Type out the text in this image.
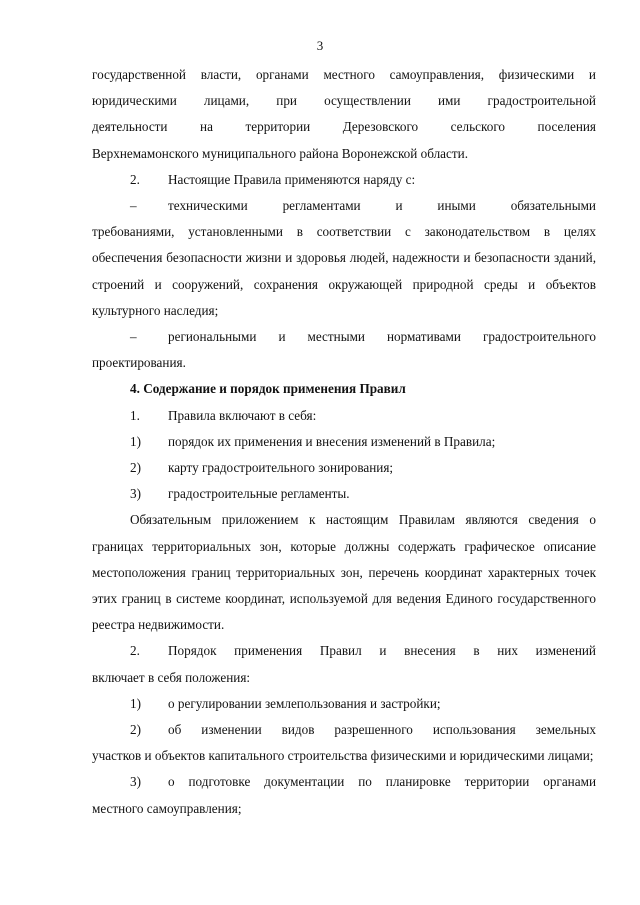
3

государственной власти, органами местного самоуправления, физическими и

юридическими лицами, при осуществлении ими градостроительной

деятельности на территории Дерезовского сельского поселения

Верхнемамонского муниципального района Воронежской области.

2.	Настоящие Правила применяются наряду с:
–	техническими регламентами и иными обязательными

требованиями, установленными в соответствии с законодательством в целях обеспечения безопасности жизни и здоровья людей, надежности и безопасности зданий, строений и сооружений, сохранения окружающей природной среды и объектов культурного наследия;

–	региональными и местными нормативами градостроительного

проектирования.

4. Содержание и порядок применения Правил

1.	Правила включают в себя:
1)	порядок их применения и внесения изменений в Правила;
2)	карту градостроительного зонирования;
3)	градостроительные регламенты.

Обязательным приложением к настоящим Правилам являются сведения о границах территориальных зон, которые должны содержать графическое описание местоположения границ территориальных зон, перечень координат характерных точек этих границ в системе координат, используемой для ведения Единого государственного реестра недвижимости.

2.	Порядок применения Правил и внесения в них изменений

включает в себя положения:

1)	о регулировании землепользования и застройки;
2)	об изменении видов разрешенного использования земельных

участков и объектов капитального строительства физическими и юридическими лицами;

3)	о подготовке документации по планировке территории органами

местного самоуправления;
